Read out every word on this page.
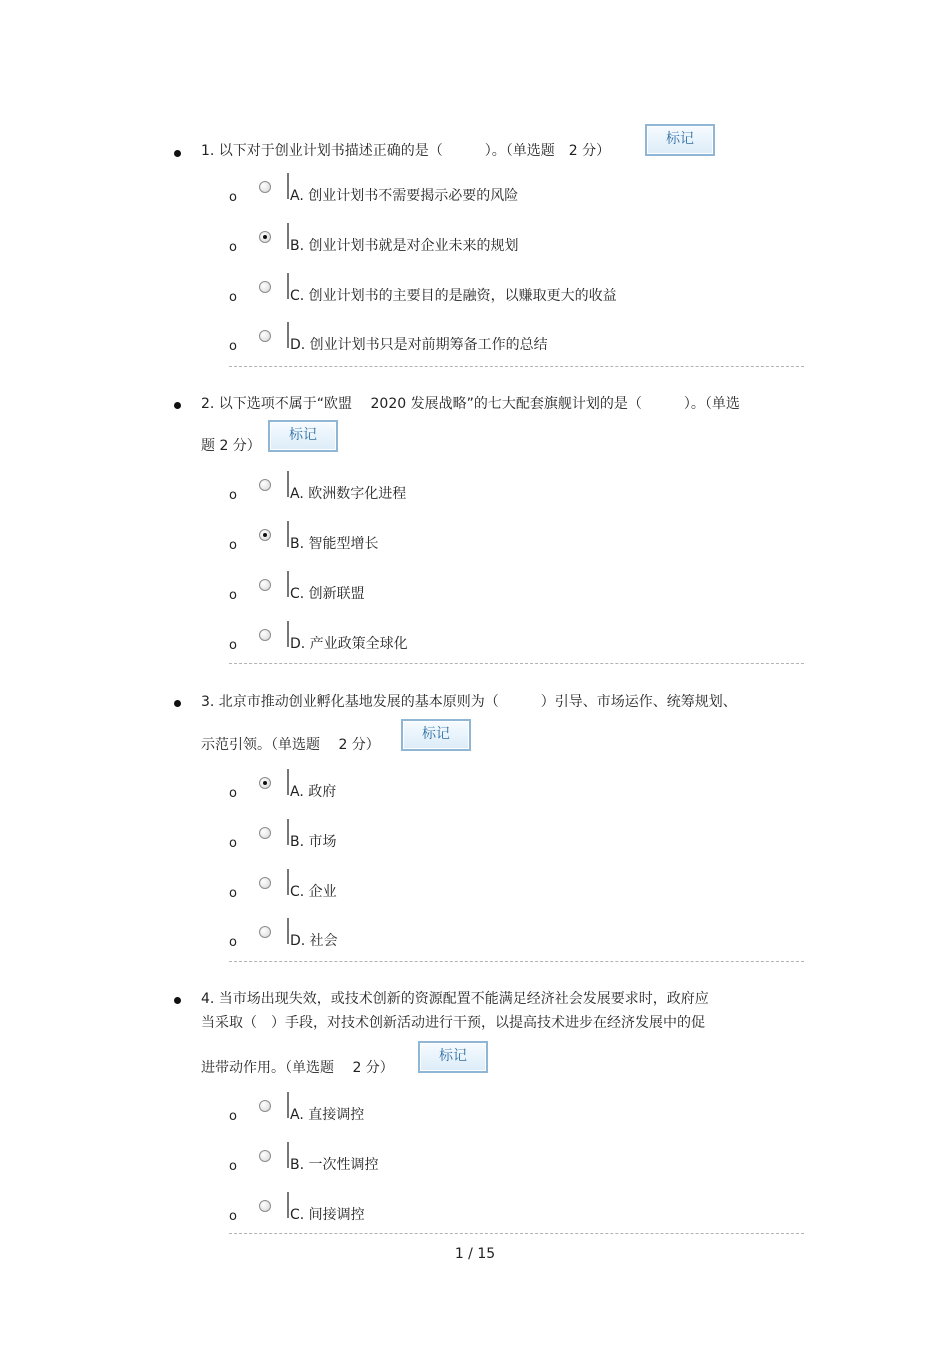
1. 以下对于创业计划书描述正确的是（　　　）。（单选题　2 分）
标记
o	A. 创业计划书不需要揭示必要的风险
o	B. 创业计划书就是对企业未来的规划
o	C. 创业计划书的主要目的是融资，以赚取更大的收益
o	D. 创业计划书只是对前期筹备工作的总结
2. 以下选项不属于“欧盟　 2020 发展战略”的七大配套旗舰计划的是（　　　）。（单选
题 2 分）
标记
o	A. 欧洲数字化进程
o	B. 智能型增长
o	C. 创新联盟
o	D. 产业政策全球化
3. 北京市推动创业孵化基地发展的基本原则为（　　　）引导、市场运作、统筹规划、
示范引领。（单选题　 2 分）
标记
o	A. 政府
o	B. 市场
o	C. 企业
o	D. 社会
4. 当市场出现失效，或技术创新的资源配置不能满足经济社会发展要求时，政府应
当采取（　）手段，对技术创新活动进行干预，以提高技术进步在经济发展中的促
进带动作用。（单选题　 2 分）
标记
o	A. 直接调控
o	B. 一次性调控
o	C. 间接调控
1 / 15
